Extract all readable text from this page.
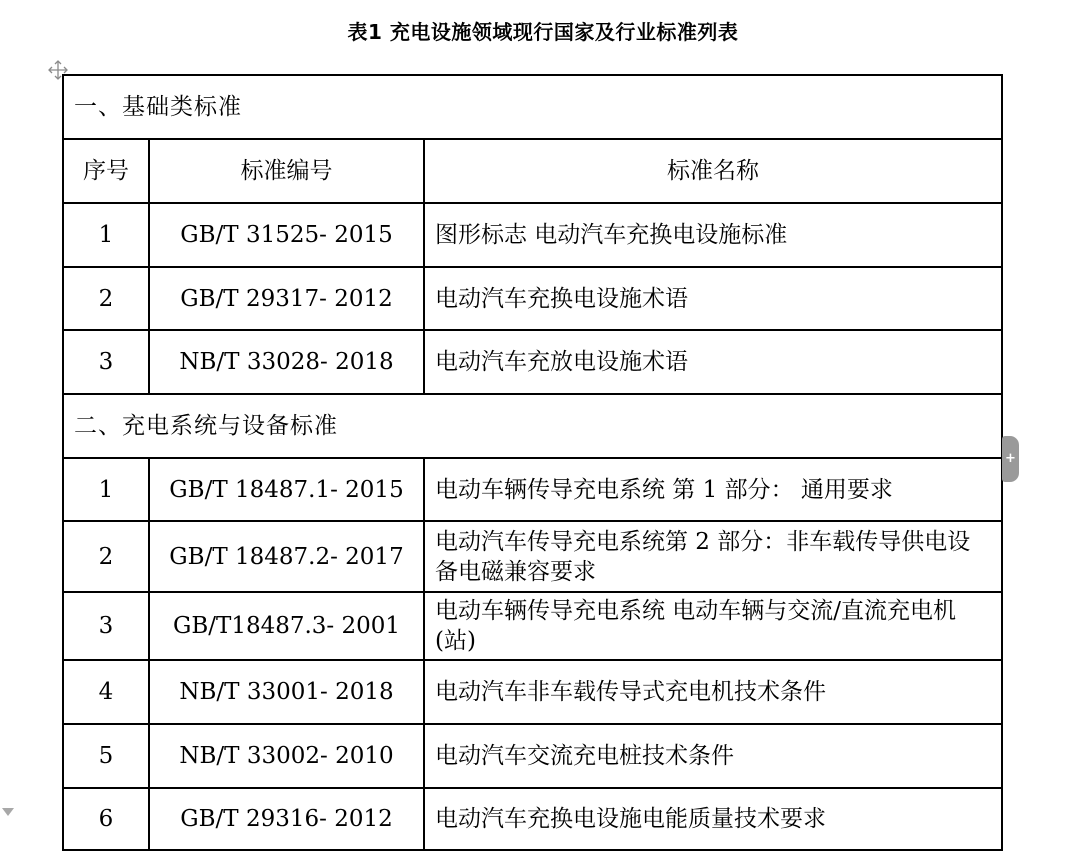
表1 充电设施领域现行国家及行业标准列表
一、基础类标准		
序号	标准编号	标准名称
1	GB/T 31525- 2015	图形标志 电动汽车充换电设施标准
2	GB/T 29317- 2012	电动汽车充换电设施术语
3	NB/T 33028- 2018	电动汽车充放电设施术语
二、充电系统与设备标准		
1	GB/T 18487.1- 2015	电动车辆传导充电系统 第 1 部分： 通用要求
2	GB/T 18487.2- 2017	电动汽车传导充电系统第 2 部分：非车载传导供电设备电磁兼容要求
3	GB/T18487.3- 2001	电动车辆传导充电系统 电动车辆与交流/直流充电机(站)
4	NB/T 33001- 2018	电动汽车非车载传导式充电机技术条件
5	NB/T 33002- 2010	电动汽车交流充电桩技术条件
6	GB/T 29316- 2012	电动汽车充换电设施电能质量技术要求
+
